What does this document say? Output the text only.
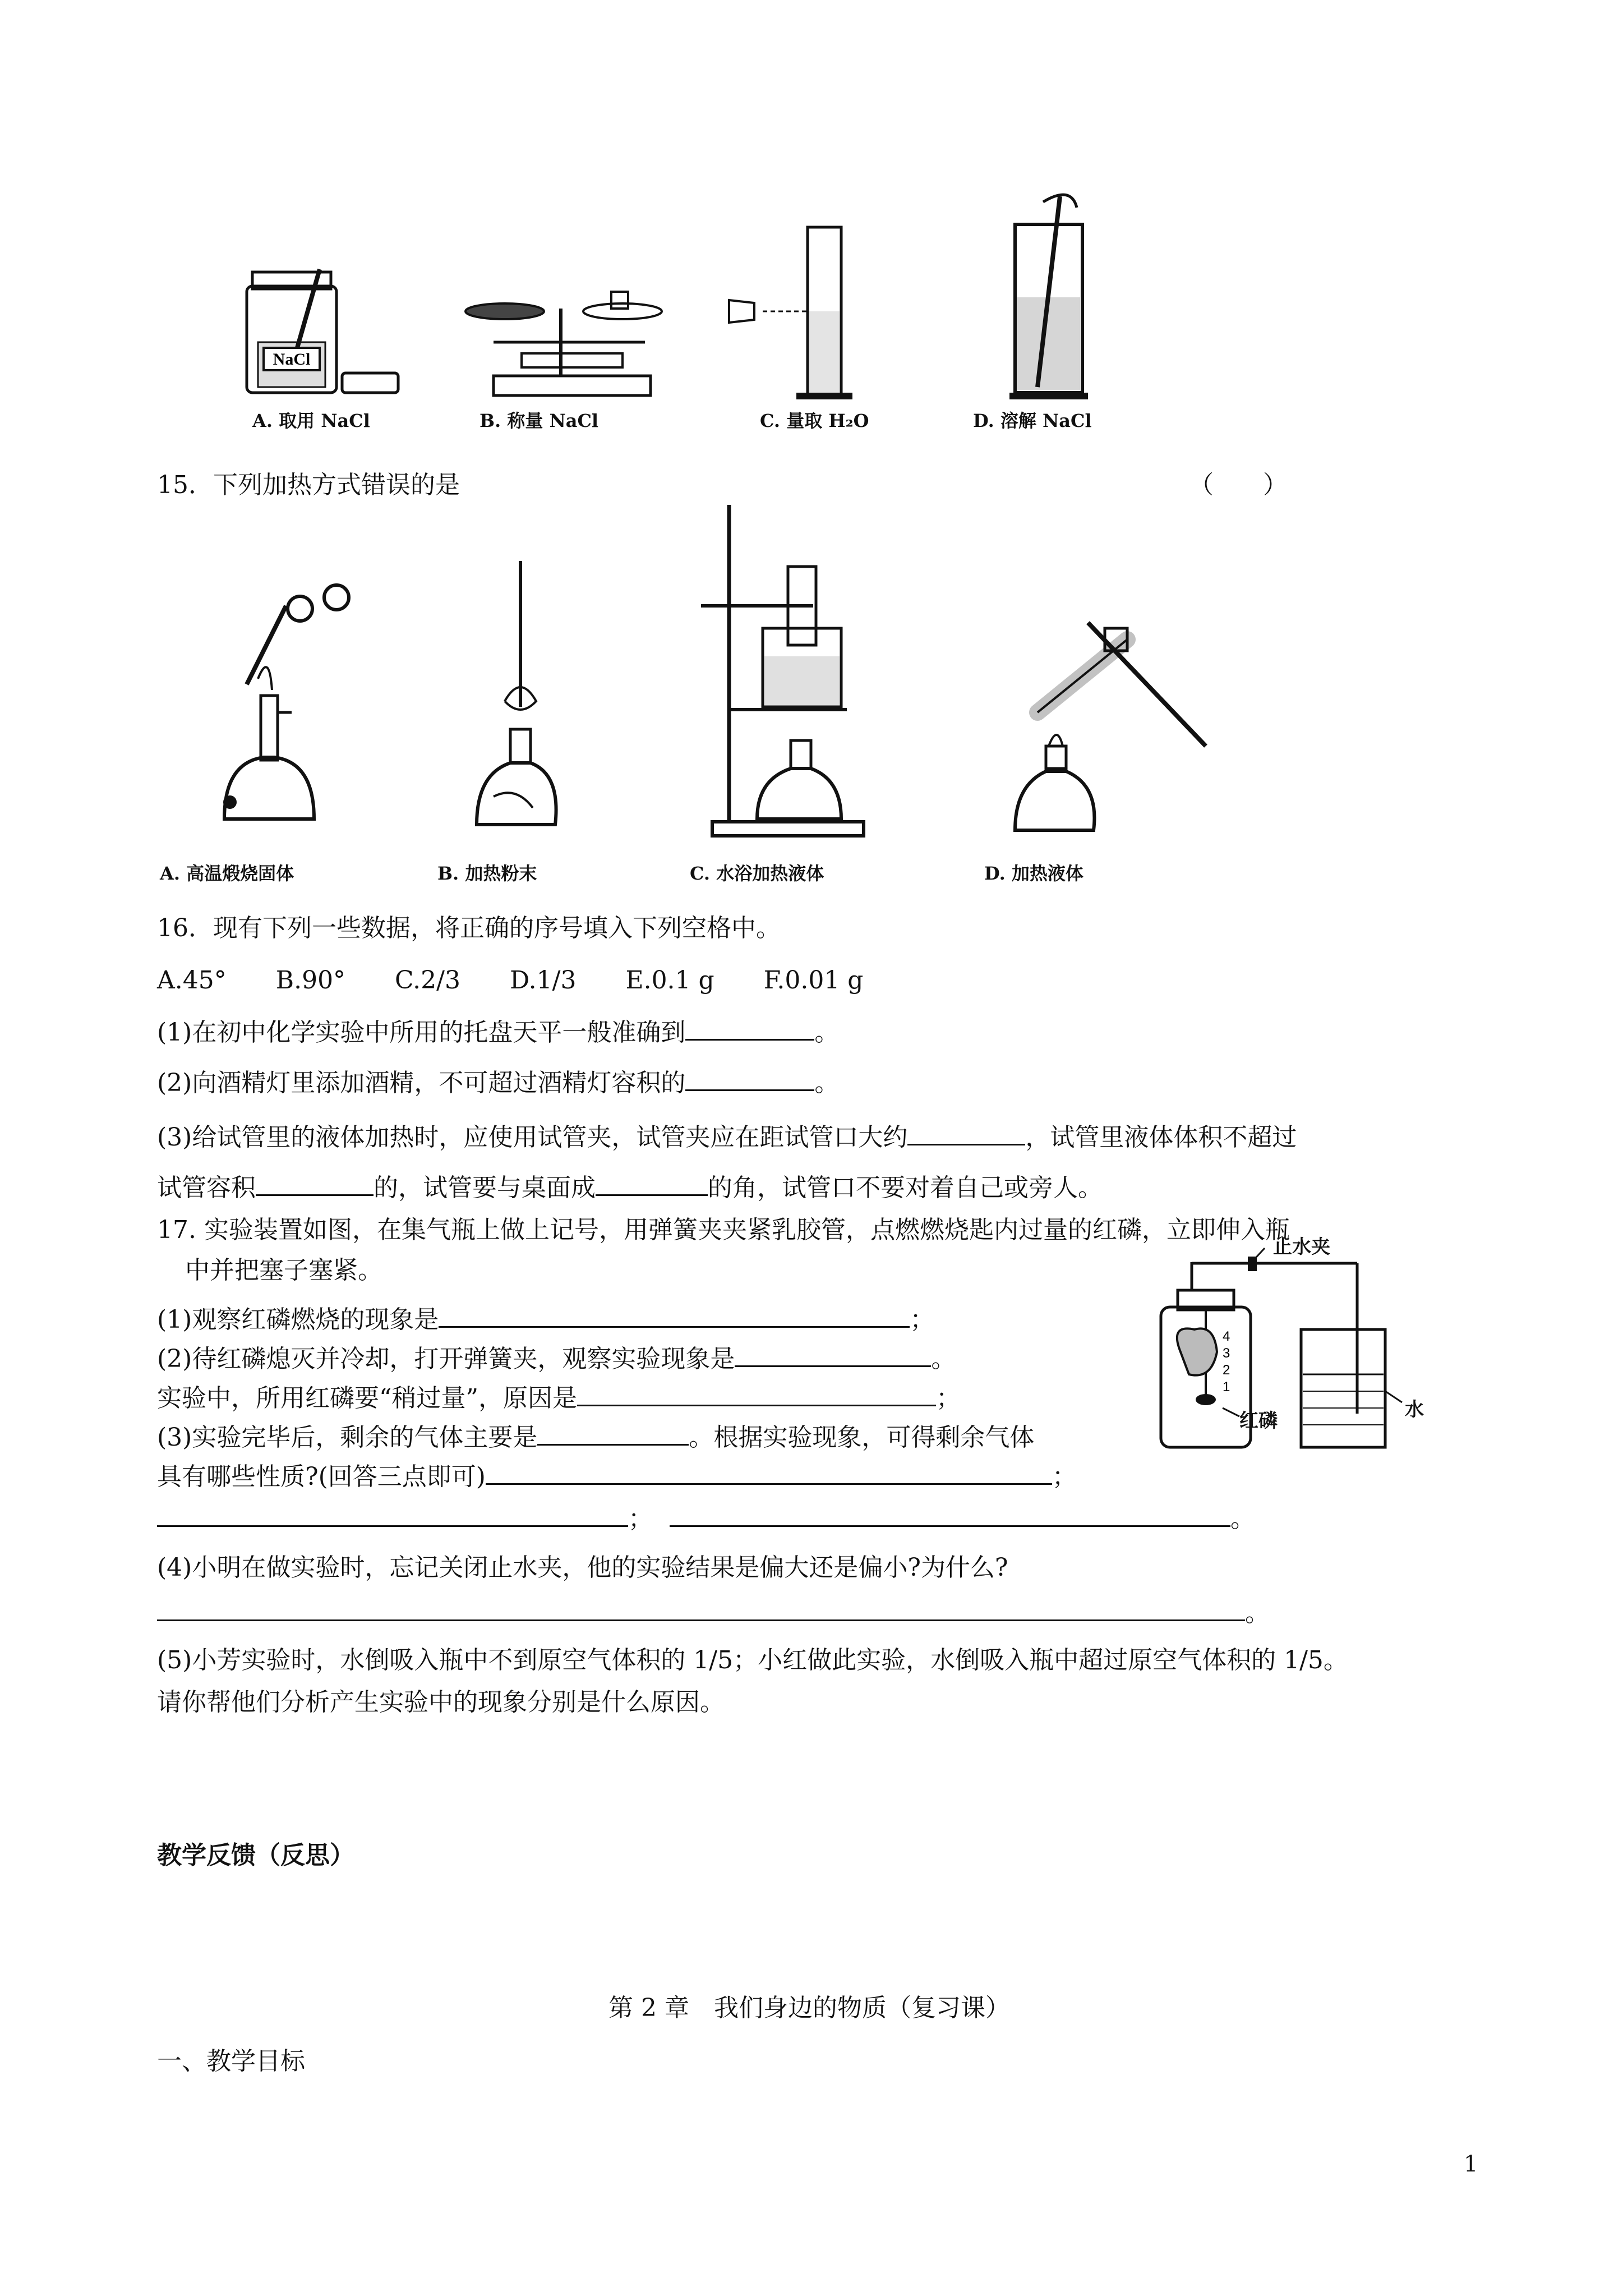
NaCl
A. 取用 NaCl	B. 称量 NaCl	C. 量取 H₂O	D. 溶解 NaCl
15．下列加热方式错误的是	（　　）
A. 高温煅烧固体	B. 加热粉末	C. 水浴加热液体	D. 加热液体
16．现有下列一些数据，将正确的序号填入下列空格中。
A.45°　　B.90°　　C.2/3　　D.1/3　　E.0.1 g　　F.0.01 g
(1)在初中化学实验中所用的托盘天平一般准确到	。
(2)向酒精灯里添加酒精，不可超过酒精灯容积的	。
(3)给试管里的液体加热时，应使用试管夹，试管夹应在距试管口大约	，试管里液体体积不超过
试管容积	的，试管要与桌面成	的角，试管口不要对着自己或旁人。
17. 实验装置如图，在集气瓶上做上记号，用弹簧夹夹紧乳胶管，点燃燃烧匙内过量的红磷，立即伸入瓶
中并把塞子塞紧。
(1)观察红磷燃烧的现象是	；
(2)待红磷熄灭并冷却，打开弹簧夹，观察实验现象是	。
实验中，所用红磷要“稍过量”，原因是	；
(3)实验完毕后，剩余的气体主要是	。根据实验现象，可得剩余气体
具有哪些性质?(回答三点即可)	；
；	。
(4)小明在做实验时，忘记关闭止水夹，他的实验结果是偏大还是偏小?为什么?
。
(5)小芳实验时，水倒吸入瓶中不到原空气体积的 1/5；小红做此实验，水倒吸入瓶中超过原空气体积的 1/5。
请你帮他们分析产生实验中的现象分别是什么原因。
4
3
2
1
止水夹
红磷	水
教学反馈（反思）
第 2 章　我们身边的物质（复习课）
一、教学目标
1
